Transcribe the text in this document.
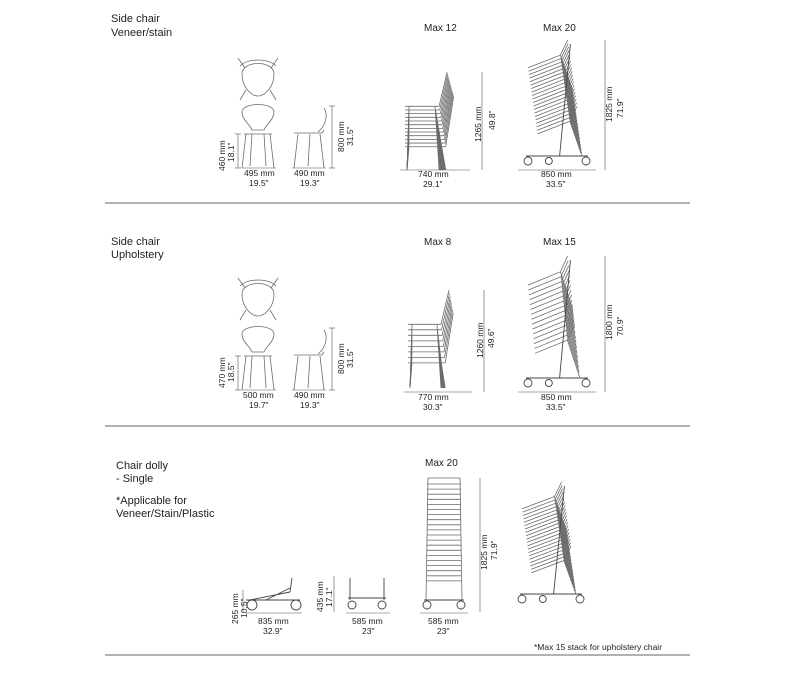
Side chair
Veneer/stain
460 mm 18.1"
495 mm
19.5"
490 mm
19.3"
800 mm 31.5"
Max 12
1265 mm 49.8"
740 mm
29.1"
Max 20
1825 mm 71.9"
850 mm
33.5"
Side chair
Upholstery
470 mm 18.5"
500 mm
19.7"
490 mm
19.3"
800 mm 31.5"
Max 8
1260 mm 49.6"
770 mm
30.3"
Max 15
1800 mm 70.9"
850 mm
33.5"
Chair dolly
- Single
*Applicable for
Veneer/Stain/Plastic
265 mm 10.5"
835 mm
32.9"
435 mm 17.1"
585 mm
23"
Max 20
1825 mm 71.9"
585 mm
23"
*Max 15 stack for upholstery chair
